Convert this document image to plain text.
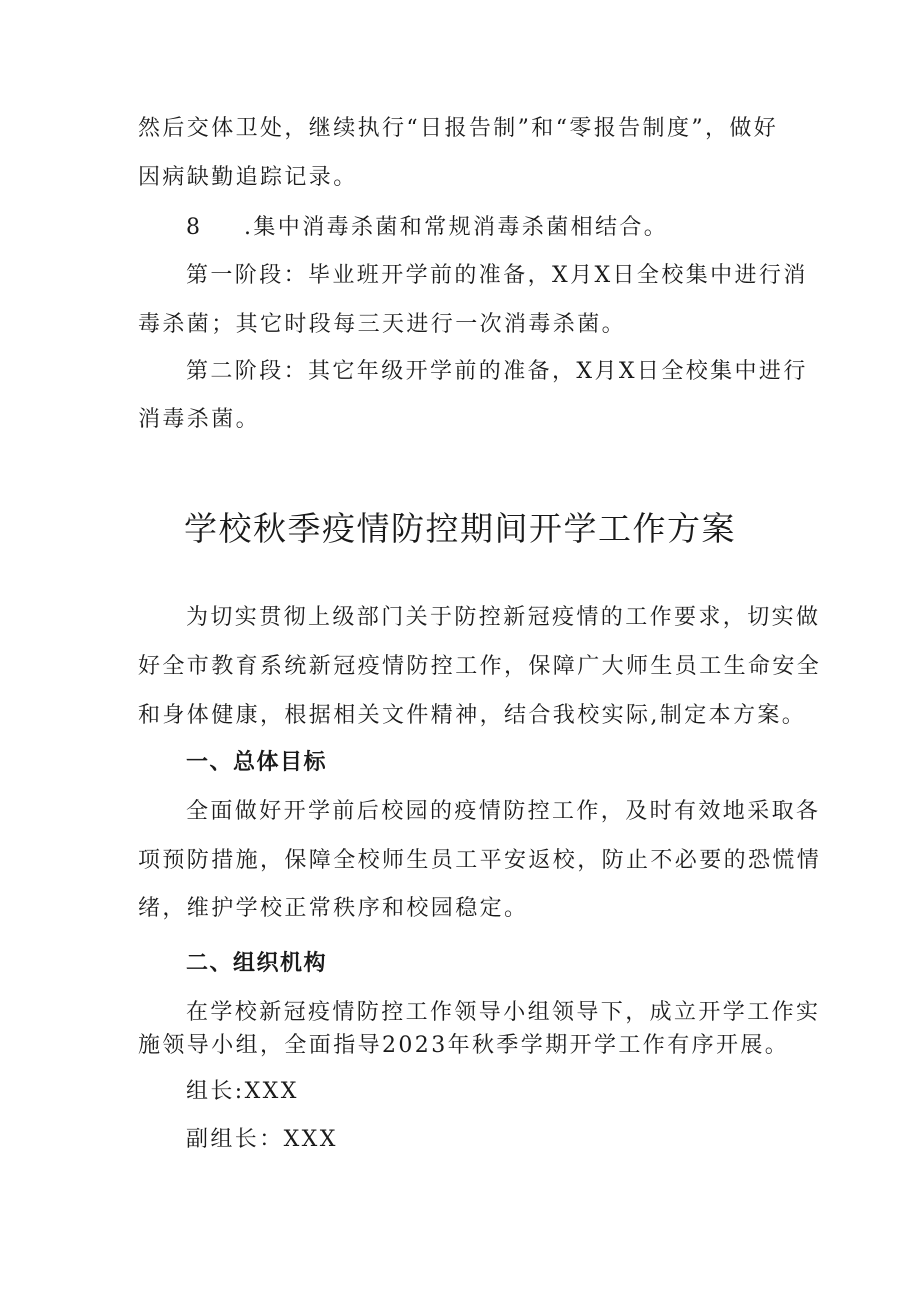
然后交体卫处，继续执行“日报告制”和“零报告制度”，做好
因病缺勤追踪记录。
8 .集中消毒杀菌和常规消毒杀菌相结合。
第一阶段：毕业班开学前的准备，X月X日全校集中进行消
毒杀菌；其它时段每三天进行一次消毒杀菌。
第二阶段：其它年级开学前的准备，X月X日全校集中进行
消毒杀菌。
学校秋季疫情防控期间开学工作方案
为切实贯彻上级部门关于防控新冠疫情的工作要求，切实做
好全市教育系统新冠疫情防控工作，保障广大师生员工生命安全
和身体健康，根据相关文件精神，结合我校实际,制定本方案。
一、总体目标
全面做好开学前后校园的疫情防控工作，及时有效地采取各
项预防措施，保障全校师生员工平安返校，防止不必要的恐慌情
绪，维护学校正常秩序和校园稳定。
二、组织机构
在学校新冠疫情防控工作领导小组领导下，成立开学工作实
施领导小组，全面指导2023年秋季学期开学工作有序开展。
组长:XXX
副组长：XXX
